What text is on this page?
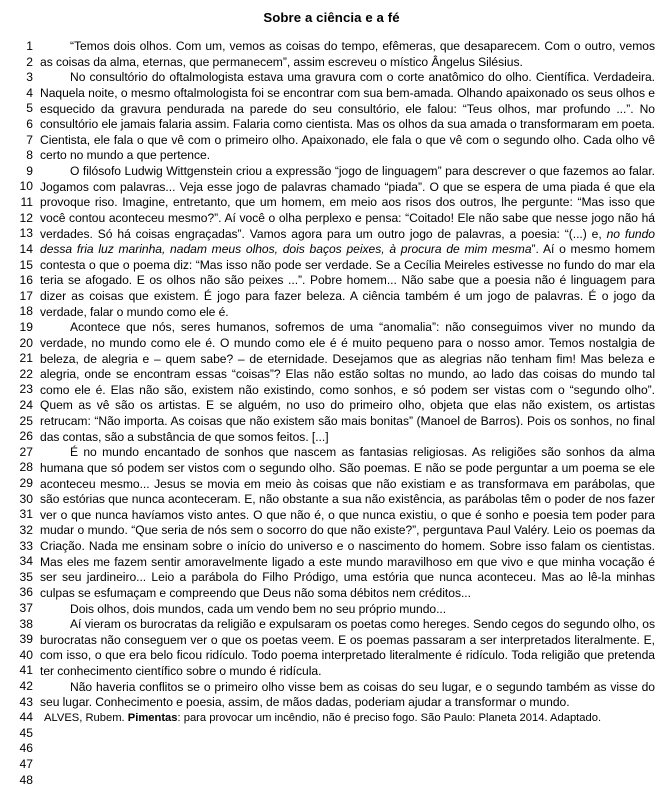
Sobre a ciência e a fé
1
2
3
4
5
6
7
8
9
10
11
12
13
14
15
16
17
18
19
20
21
22
23
24
25
26
27
28
29
30
31
32
33
34
35
36
37
38
39
40
41
42
43
44
45
46
47
48

“Temos dois olhos. Com um, vemos as coisas do tempo, efêmeras, que desaparecem. Com o outro, vemos as coisas da alma, eternas, que permanecem”, assim escreveu o místico Ângelus Silésius.

No consultório do oftalmologista estava uma gravura com o corte anatômico do olho. Científica. Verdadeira. Naquela noite, o mesmo oftalmologista foi se encontrar com sua bem-amada. Olhando apaixonado os seus olhos e esquecido da gravura pendurada na parede do seu consultório, ele falou: “Teus olhos, mar profundo ...”. No consultório ele jamais falaria assim. Falaria como cientista. Mas os olhos da sua amada o transformaram em poeta. Cientista, ele fala o que vê com o primeiro olho. Apaixonado, ele fala o que vê com o segundo olho. Cada olho vê certo no mundo a que pertence.

O filósofo Ludwig Wittgenstein criou a expressão “jogo de linguagem” para descrever o que fazemos ao falar. Jogamos com palavras... Veja esse jogo de palavras chamado “piada”. O que se espera de uma piada é que ela provoque riso. Imagine, entretanto, que um homem, em meio aos risos dos outros, lhe pergunte: “Mas isso que você contou aconteceu mesmo?”. Aí você o olha perplexo e pensa: “Coitado! Ele não sabe que nesse jogo não há verdades. Só há coisas engraçadas”. Vamos agora para um outro jogo de palavras, a poesia: “(...) e, no fundo dessa fria luz marinha, nadam meus olhos, dois baços peixes, à procura de mim mesma”. Aí o mesmo homem contesta o que o poema diz: “Mas isso não pode ser verdade. Se a Cecília Meireles estivesse no fundo do mar ela teria se afogado. E os olhos não são peixes ...”. Pobre homem... Não sabe que a poesia não é linguagem para dizer as coisas que existem. É jogo para fazer beleza. A ciência também é um jogo de palavras. É o jogo da verdade, falar o mundo como ele é.

Acontece que nós, seres humanos, sofremos de uma “anomalia”: não conseguimos viver no mundo da verdade, no mundo como ele é. O mundo como ele é é muito pequeno para o nosso amor. Temos nostalgia de beleza, de alegria e – quem sabe? – de eternidade. Desejamos que as alegrias não tenham fim! Mas beleza e alegria, onde se encontram essas “coisas”? Elas não estão soltas no mundo, ao lado das coisas do mundo tal como ele é. Elas não são, existem não existindo, como sonhos, e só podem ser vistas com o “segundo olho”. Quem as vê são os artistas. E se alguém, no uso do primeiro olho, objeta que elas não existem, os artistas retrucam: “Não importa. As coisas que não existem são mais bonitas” (Manoel de Barros). Pois os sonhos, no final das contas, são a substância de que somos feitos. [...]

É no mundo encantado de sonhos que nascem as fantasias religiosas. As religiões são sonhos da alma humana que só podem ser vistos com o segundo olho. São poemas. E não se pode perguntar a um poema se ele aconteceu mesmo... Jesus se movia em meio às coisas que não existiam e as transformava em parábolas, que são estórias que nunca aconteceram. E, não obstante a sua não existência, as parábolas têm o poder de nos fazer ver o que nunca havíamos visto antes. O que não é, o que nunca existiu, o que é sonho e poesia tem poder para mudar o mundo. “Que seria de nós sem o socorro do que não existe?”, perguntava Paul Valéry. Leio os poemas da Criação. Nada me ensinam sobre o início do universo e o nascimento do homem. Sobre isso falam os cientistas. Mas eles me fazem sentir amoravelmente ligado a este mundo maravilhoso em que vivo e que minha vocação é ser seu jardineiro... Leio a parábola do Filho Pródigo, uma estória que nunca aconteceu. Mas ao lê-la minhas culpas se esfumaçam e compreendo que Deus não soma débitos nem créditos...

Dois olhos, dois mundos, cada um vendo bem no seu próprio mundo...

Aí vieram os burocratas da religião e expulsaram os poetas como hereges. Sendo cegos do segundo olho, os burocratas não conseguem ver o que os poetas veem. E os poemas passaram a ser interpretados literalmente. E, com isso, o que era belo ficou ridículo. Todo poema interpretado literalmente é ridículo. Toda religião que pretenda ter conhecimento científico sobre o mundo é ridícula.

Não haveria conflitos se o primeiro olho visse bem as coisas do seu lugar, e o segundo também as visse do seu lugar. Conhecimento e poesia, assim, de mãos dadas, poderiam ajudar a transformar o mundo.

ALVES, Rubem. Pimentas: para provocar um incêndio, não é preciso fogo. São Paulo: Planeta 2014. Adaptado.
